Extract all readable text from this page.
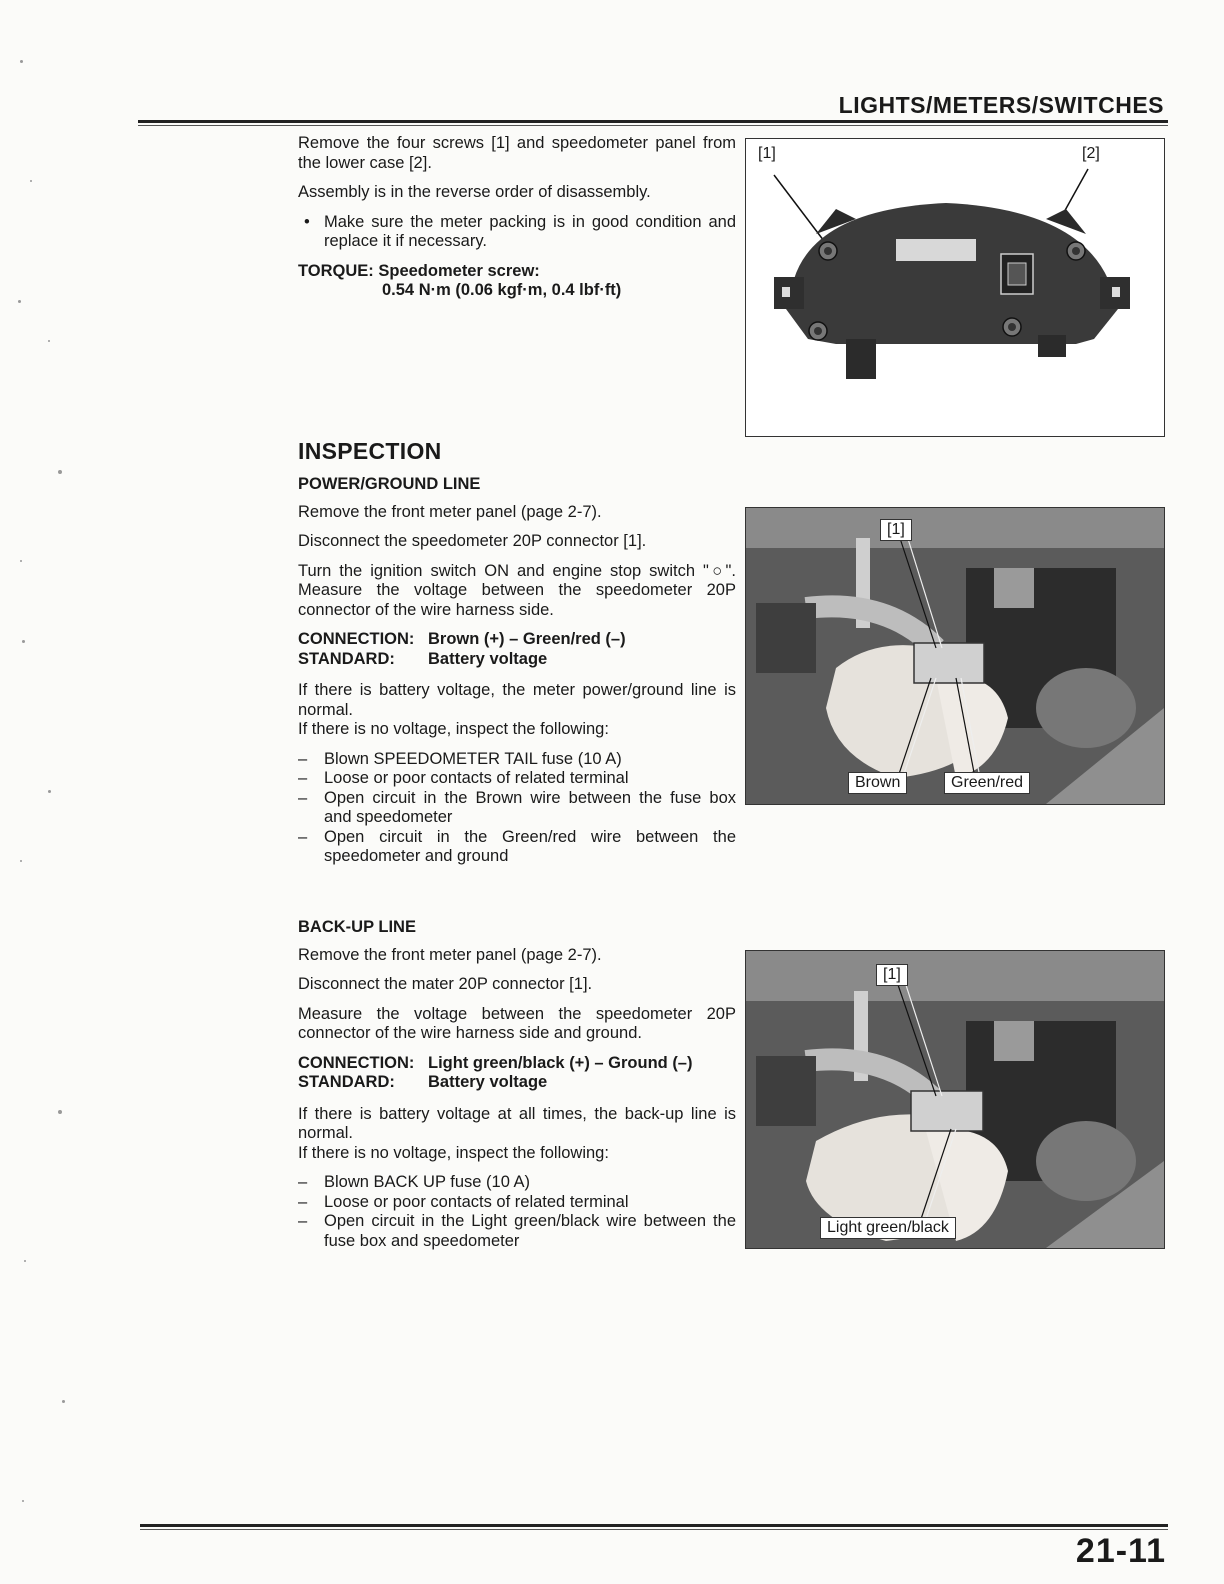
LIGHTS/METERS/SWITCHES

Remove the four screws [1] and speedometer panel from the lower case [2].

Assembly is in the reverse order of disassembly.

• Make sure the meter packing is in good condition and replace it if necessary.
TORQUE: Speedometer screw:
0.54 N·m (0.06 kgf·m, 0.4 lbf·ft)
[1]	[2]
INSPECTION
POWER/GROUND LINE

Remove the front meter panel (page 2-7).

Disconnect the speedometer 20P connector [1].

Turn the ignition switch ON and engine stop switch "○". Measure the voltage between the speedometer 20P connector of the wire harness side.

CONNECTION: Brown (+) – Green/red (–)
STANDARD:	Battery voltage
If there is battery voltage, the meter power/ground line is normal.
If there is no voltage, inspect the following:
– Blown SPEEDOMETER TAIL fuse (10 A)
– Loose or poor contacts of related terminal
– Open circuit in the Brown wire between the fuse box and speedometer
– Open circuit in the Green/red wire between the speedometer and ground
[1]
Brown	Green/red
BACK-UP LINE

Remove the front meter panel (page 2-7).

Disconnect the mater 20P connector [1].

Measure the voltage between the speedometer 20P connector of the wire harness side and ground.

CONNECTION: Light green/black (+) – Ground (–)
STANDARD:	Battery voltage
If there is battery voltage at all times, the back-up line is normal.
If there is no voltage, inspect the following:
– Blown BACK UP fuse (10 A)
– Loose or poor contacts of related terminal
– Open circuit in the Light green/black wire between the fuse box and speedometer
[1]
Light green/black
21-11
